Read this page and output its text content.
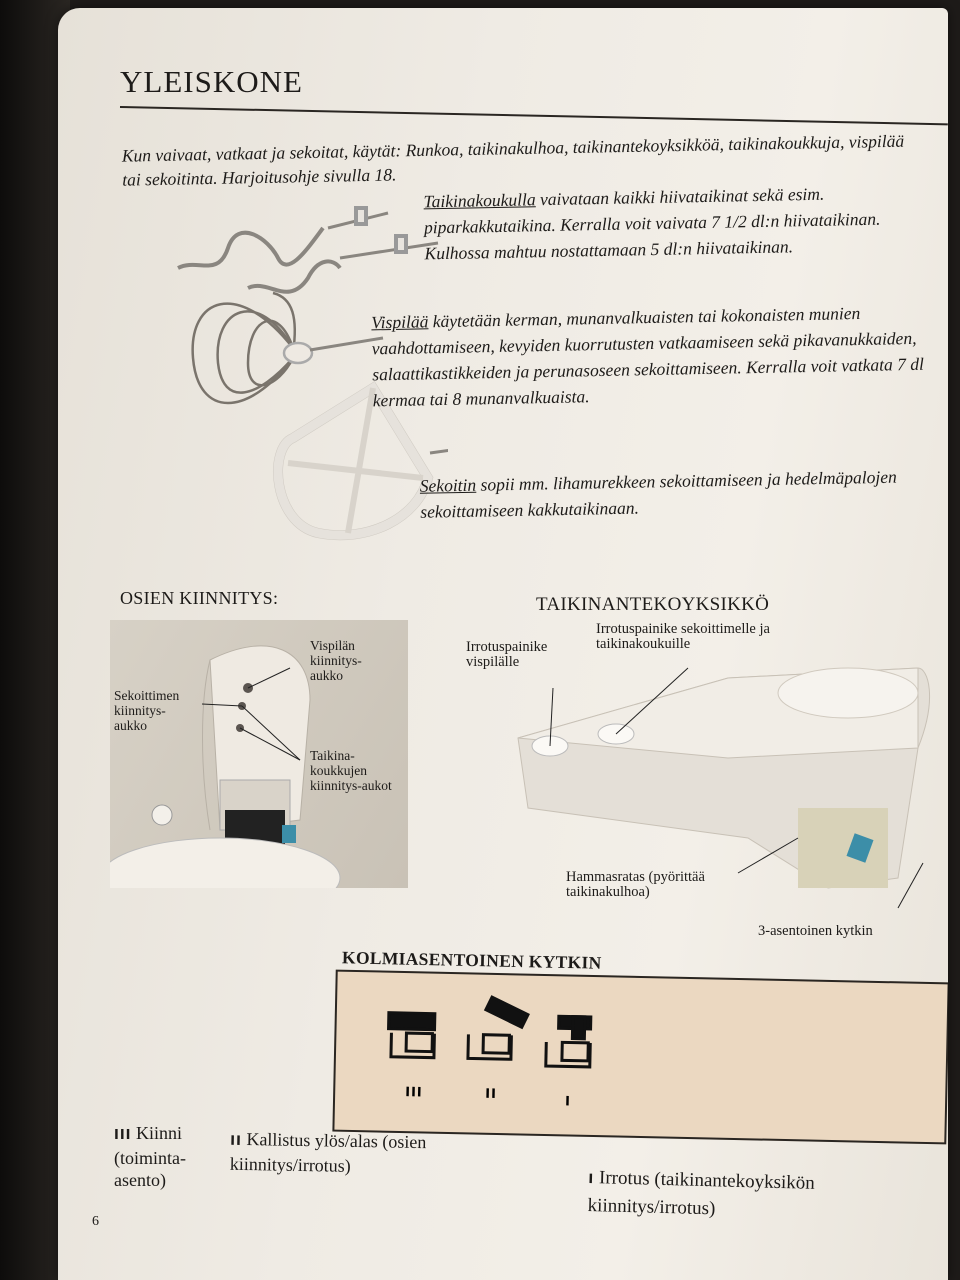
YLEISKONE
Kun vaivaat, vatkaat ja sekoitat, käytät: Runkoa, taikinakulhoa, taikinantekoyksikköä, taikinakoukkuja, vispilää tai sekoitinta. Harjoitusohje sivulla 18.
Taikinakoukulla vaivataan kaikki hiivataikinat sekä esim. piparkakkutaikina. Kerralla voit vaivata 7 1/2 dl:n hiivataikinan. Kulhossa mahtuu nostattamaan 5 dl:n hiivataikinan.
Vispilää käytetään kerman, munanvalkuaisten tai kokonaisten munien vaahdottamiseen, kevyiden kuorrutusten vatkaamiseen sekä pikavanukkaiden, salaattikastikkeiden ja perunasoseen sekoittamiseen. Kerralla voit vatkata 7 dl kermaa tai 8 munanvalkuaista.
Sekoitin sopii mm. lihamurekkeen sekoittamiseen ja hedelmäpalojen sekoittamiseen kakkutaikinaan.
OSIEN KIINNITYS:
Vispilän kiinnitys-aukko
Sekoittimen kiinnitys-aukko
Taikina-koukkujen kiinnitys-aukot
TAIKINANTEKOYKSIKKÖ
Irrotuspainike vispilälle
Irrotuspainike sekoittimelle ja taikinakoukuille
Hammasratas (pyörittää taikinakulhoa)
3-asentoinen kytkin
KOLMIASENTOINEN KYTKIN
III	II	I
III Kiinni (toiminta-asento)
II Kallistus ylös/alas (osien kiinnitys/irrotus)
I Irrotus (taikinantekoyksikön kiinnitys/irrotus)
6
